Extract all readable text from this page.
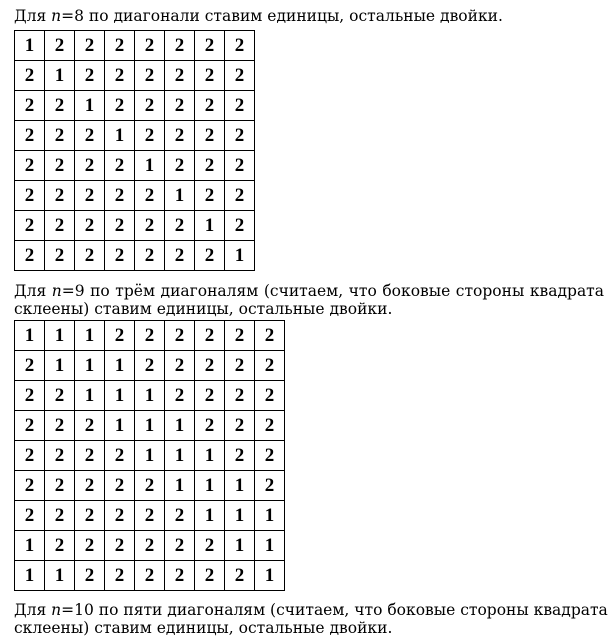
Для n=8 по диагонали ставим единицы, остальные двойки.
1	2	2	2	2	2	2	2
2	1	2	2	2	2	2	2
2	2	1	2	2	2	2	2
2	2	2	1	2	2	2	2
2	2	2	2	1	2	2	2
2	2	2	2	2	1	2	2
2	2	2	2	2	2	1	2
2	2	2	2	2	2	2	1
Для n=9 по трём диагоналям (считаем, что боковые стороны квадрата
склеены) ставим единицы, остальные двойки.
1	1	1	2	2	2	2	2	2
2	1	1	1	2	2	2	2	2
2	2	1	1	1	2	2	2	2
2	2	2	1	1	1	2	2	2
2	2	2	2	1	1	1	2	2
2	2	2	2	2	1	1	1	2
2	2	2	2	2	2	1	1	1
1	2	2	2	2	2	2	1	1
1	1	2	2	2	2	2	2	1
Для n=10 по пяти диагоналям (считаем, что боковые стороны квадрата
склеены) ставим единицы, остальные двойки.
